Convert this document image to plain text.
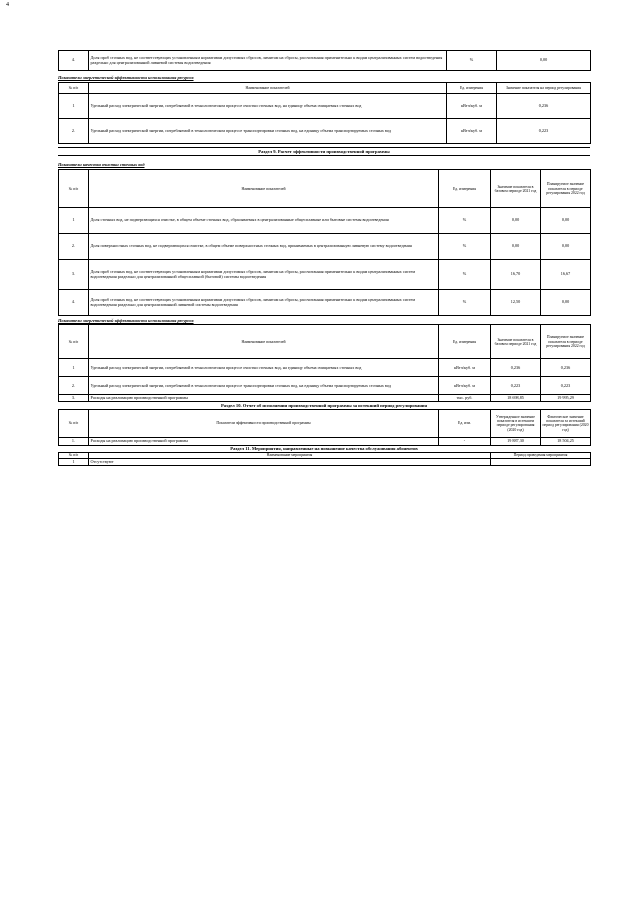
4
4.	Доля проб сточных вод, не соответствующих установленным нормативам допустимых сбросов, лимитам на сбросы, рассчитанная применительно к видам централизованных систем водоотведения раздельно для централизованной ливневой системы водоотведения	%	0,00
Показатели энергетической эффективности использования ресурсов
№ п/п	Наименование показателей	Ед. измерения	Значение показателя на период регулирования
1	Удельный расход электрической энергии, потребляемой в технологическом процессе очистки сточных вод, на единицу объема очищаемых сточных вод	кВтч/куб. м	0,236
2.	Удельный расход электрической энергии, потребляемой в технологическом процессе транспортировки сточных вод, на единицу объема транспортируемых сточных вод	кВтч/куб. м	0,223
Раздел 9. Расчет эффективности производственной программы
Показатели качества очистки сточных вод
№ п/п	Наименование показателей	Ед. измерения	Значение показателя в базовом периоде 2021 год	Планируемое значение показателя в периоде регулирования 2022 год
1	Доля сточных вод, не подвергающихся очистке, в общем объеме сточных вод, сбрасываемых в централизованные общесплавные или бытовые системы водоотведения	%	0,00	0,00
2.	Доля поверхностных сточных вод, не подвергающихся очистке, в общем объеме поверхностных сточных вод, принимаемых в централизованную ливневую систему водоотведения	%	0,00	0,00
3.	Доля проб сточных вод, не соответствующих установленным нормативам допустимых сбросов, лимитам на сбросы, рассчитанная применительно к видам централизованных систем водоотведения раздельно для централизованной общесплавной (бытовой) системы водоотведения	%	16,70	16,67
4.	Доля проб сточных вод, не соответствующих установленным нормативам допустимых сбросов, лимитам на сбросы, рассчитанная применительно к видам централизованных систем водоотведения раздельно для централизованной ливневой системы водоотведения	%	12,50	0,00
Показатели энергетической эффективности использования ресурсов
№ п/п	Наименование показателей	Ед. измерения	Значение показателя в базовом периоде 2021 год	Планируемое значение показателя в периоде регулирования 2022 год
1	Удельный расход электрической энергии, потребляемой в технологическом процессе очистки сточных вод, на единицу объема очищаемых сточных вод	кВтч/куб. м	0,236	0,236
2.	Удельный расход электрической энергии, потребляемой в технологическом процессе транспортировки сточных вод, на единицу объема транспортируемых сточных вод	кВтч/куб. м	0,223	0,223
3.	Расходы на реализацию производственной программы	тыс. руб.	18 698,85	19 995,29
Раздел 10. Отчет об исполнении производственной программы за истекший период регулирования
№ п/п	Показатели эффективности производственной программы	Ед. изм.	Утвержденное значение показателя в истекшем периоде регулирования (2020 год)	Фактическое значение показателя за истекший период регулирования (2020 год)
1.	Расходы на реализацию производственной программы	-	19 887,30	18 504,25
Раздел 11. Мероприятия, направленные на повышение качества обслуживания абонентов
№ п/п	Наименование мероприятия	Период проведения мероприятия
1	Отсутствуют	
